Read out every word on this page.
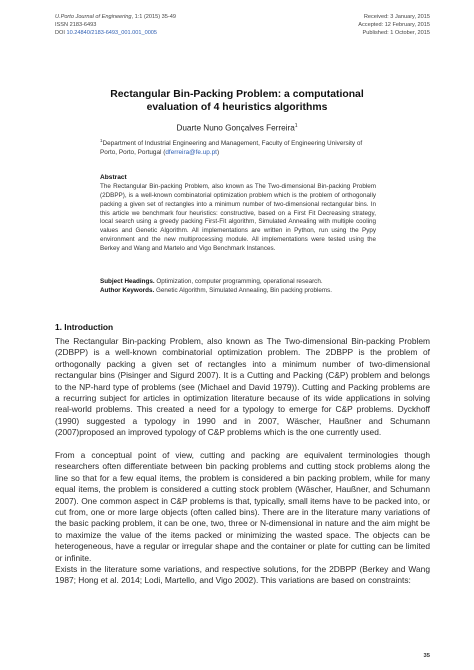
U.Porto Journal of Engineering, 1:1 (2015) 35-49
ISSN 2183-6493
DOI 10.24840/2183-6493_001.001_0005
Received: 3 January, 2015
Accepted: 12 February, 2015
Published: 1 October, 2015
Rectangular Bin-Packing Problem: a computational
evaluation of 4 heuristics algorithms
Duarte Nuno Gonçalves Ferreira$^1$
$^1$Department of Industrial Engineering and Management, Faculty of Engineering University of Porto, Porto, Portugal (dferreira@fe.up.pt)
Abstract
The Rectangular Bin-packing Problem, also known as The Two-dimensional Bin-packing Problem (2DBPP), is a well-known combinatorial optimization problem which is the problem of orthogonally packing a given set of rectangles into a minimum number of two-dimensional rectangular bins. In this article we benchmark four heuristics: constructive, based on a First Fit Decreasing strategy, local search using a greedy packing First-Fit algorithm, Simulated Annealing with multiple cooling values and Genetic Algorithm. All implementations are written in Python, run using the Pypy environment and the new multiprocessing module. All implementations were tested using the Berkey and Wang and Martelo and Vigo Benchmark Instances.
Subject Headings. Optimization, computer programming, operational research.
Author Keywords. Genetic Algorithm, Simulated Annealing, Bin packing problems.
1. Introduction
The Rectangular Bin-packing Problem, also known as The Two-dimensional Bin-packing Problem (2DBPP) is a well-known combinatorial optimization problem. The 2DBPP is the problem of orthogonally packing a given set of rectangles into a minimum number of two-dimensional rectangular bins (Pisinger and Sigurd 2007). It is a Cutting and Packing (C&P) problem and belongs to the NP-hard type of problems (see (Michael and David 1979)). Cutting and Packing problems are a recurring subject for articles in optimization literature because of its wide applications in solving real-world problems. This created a need for a typology to emerge for C&P problems. Dyckhoff (1990) suggested a typology in 1990 and in 2007, Wäscher, Haußner and Schumann (2007)proposed an improved typology of C&P problems which is the one currently used.
From a conceptual point of view, cutting and packing are equivalent terminologies though researchers often differentiate between bin packing problems and cutting stock problems along the line so that for a few equal items, the problem is considered a bin packing problem, while for many equal items, the problem is considered a cutting stock problem (Wäscher, Haußner, and Schumann 2007). One common aspect in C&P problems is that, typically, small items have to be packed into, or cut from, one or more large objects (often called bins). There are in the literature many variations of the basic packing problem, it can be one, two, three or N-dimensional in nature and the aim might be to maximize the value of the items packed or minimizing the wasted space. The objects can be heterogeneous, have a regular or irregular shape and the container or plate for cutting can be limited or infinite.
Exists in the literature some variations, and respective solutions, for the 2DBPP (Berkey and Wang 1987; Hong et al. 2014; Lodi, Martello, and Vigo 2002). This variations are based on constraints:
35
